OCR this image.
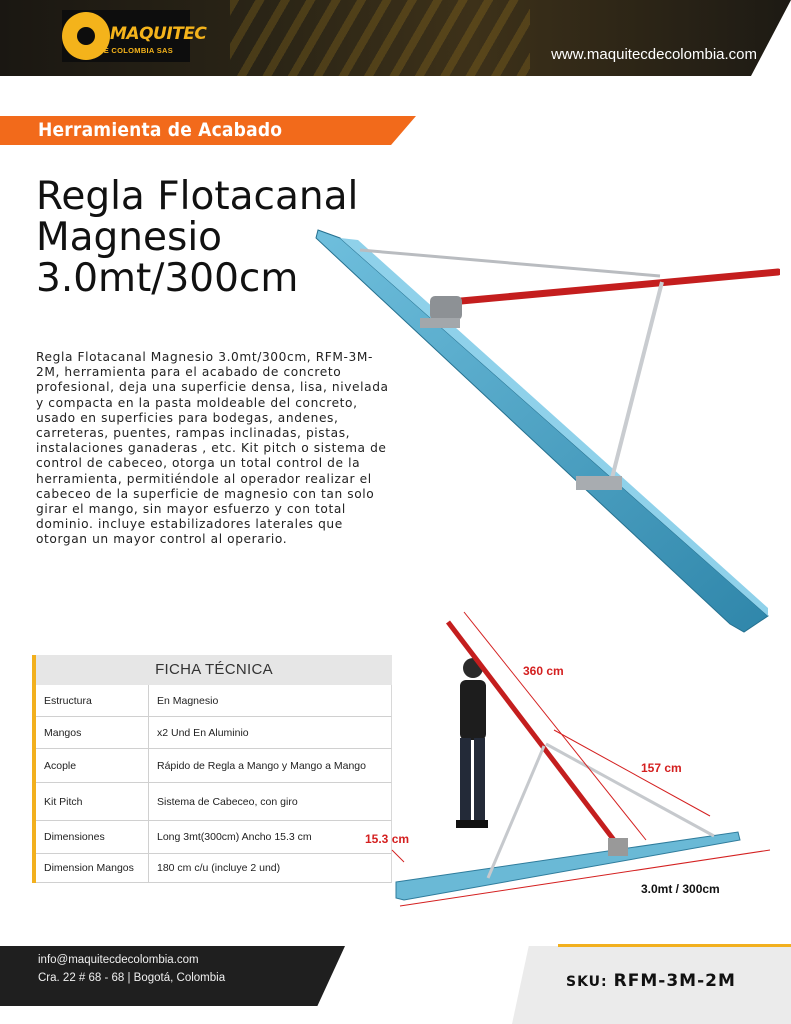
MAQUITEC
DE COLOMBIA SAS	www.maquitecdecolombia.com
Herramienta de Acabado
Regla Flotacanal Magnesio 3.0mt/300cm

Regla Flotacanal Magnesio 3.0mt/300cm, RFM-3M-2M, herramienta para el acabado de concreto profesional, deja una superficie densa, lisa, nivelada y compacta en la pasta moldeable del concreto, usado en superficies para bodegas, andenes, carreteras, puentes, rampas inclinadas, pistas, instalaciones ganaderas , etc. Kit pitch o sistema de control de cabeceo, otorga un total control de la herramienta, permitiéndole al operador realizar el cabeceo de la superficie de magnesio con tan solo girar el mango, sin mayor esfuerzo y con total dominio. incluye estabilizadores laterales que otorgan un mayor control al operario.

FICHA TÉCNICA
Estructura	En Magnesio
Mangos	x2 Und En Aluminio
Acople	Rápido de Regla a Mango y Mango a Mango
Kit Pitch	Sistema de Cabeceo, con giro
Dimensiones	Long 3mt(300cm) Ancho 15.3 cm
Dimension Mangos	180 cm c/u (incluye 2 und)
360 cm
157 cm
15.3 cm
3.0mt / 300cm
info@maquitecdecolombia.com
Cra. 22 # 68 - 68 | Bogotá, Colombia	SKU: RFM-3M-2M
